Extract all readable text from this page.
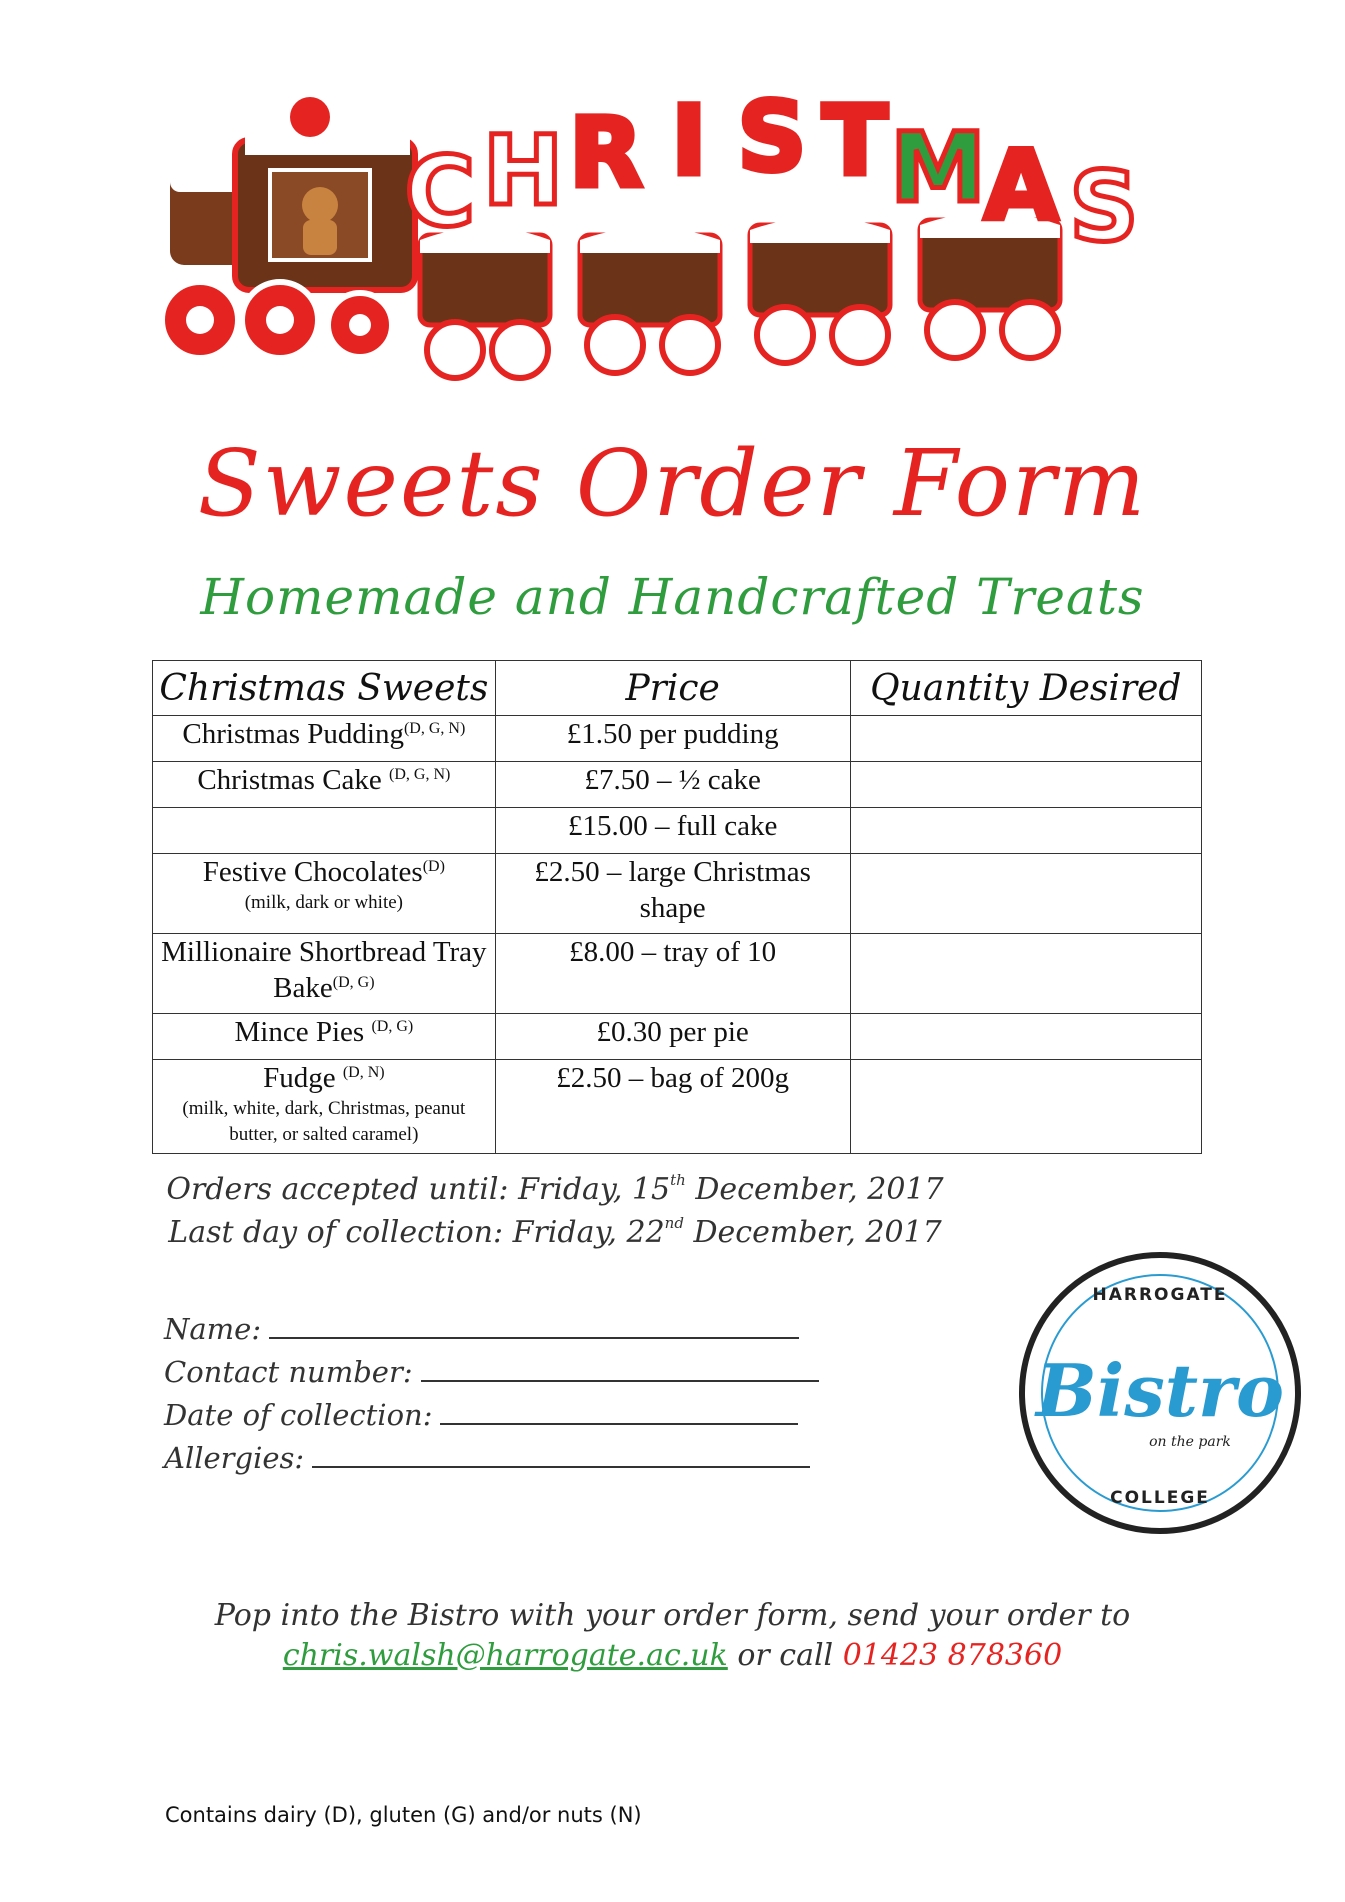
C H R I S T M
A S
Sweets Order Form
Homemade and Handcrafted Treats
Christmas Sweets	Price	Quantity Desired
Christmas Pudding$^{(D, G, N)}$	£1.50 per pudding	
Christmas Cake $^{(D, G, N)}$	£7.50 – ½ cake	
	£15.00 – full cake	
Festive Chocolates$^{(D)}$
(milk, dark or white)	£2.50 – large Christmas shape	
Millionaire Shortbread Tray Bake$^{(D, G)}$	£8.00 – tray of 10	
Mince Pies $^{(D, G)}$	£0.30 per pie	
Fudge $^{(D, N)}$
(milk, white, dark, Christmas, peanut butter, or salted caramel)	£2.50 – bag of 200g	
Orders accepted until: Friday, 15th December, 2017
Last day of collection: Friday, 22nd December, 2017
Name:
Contact number:
Date of collection:
Allergies:
HARROGATE
Bistro
on the park
COLLEGE
Pop into the Bistro with your order form, send your order to
chris.walsh@harrogate.ac.uk or call 01423 878360
Contains dairy (D), gluten (G) and/or nuts (N)
